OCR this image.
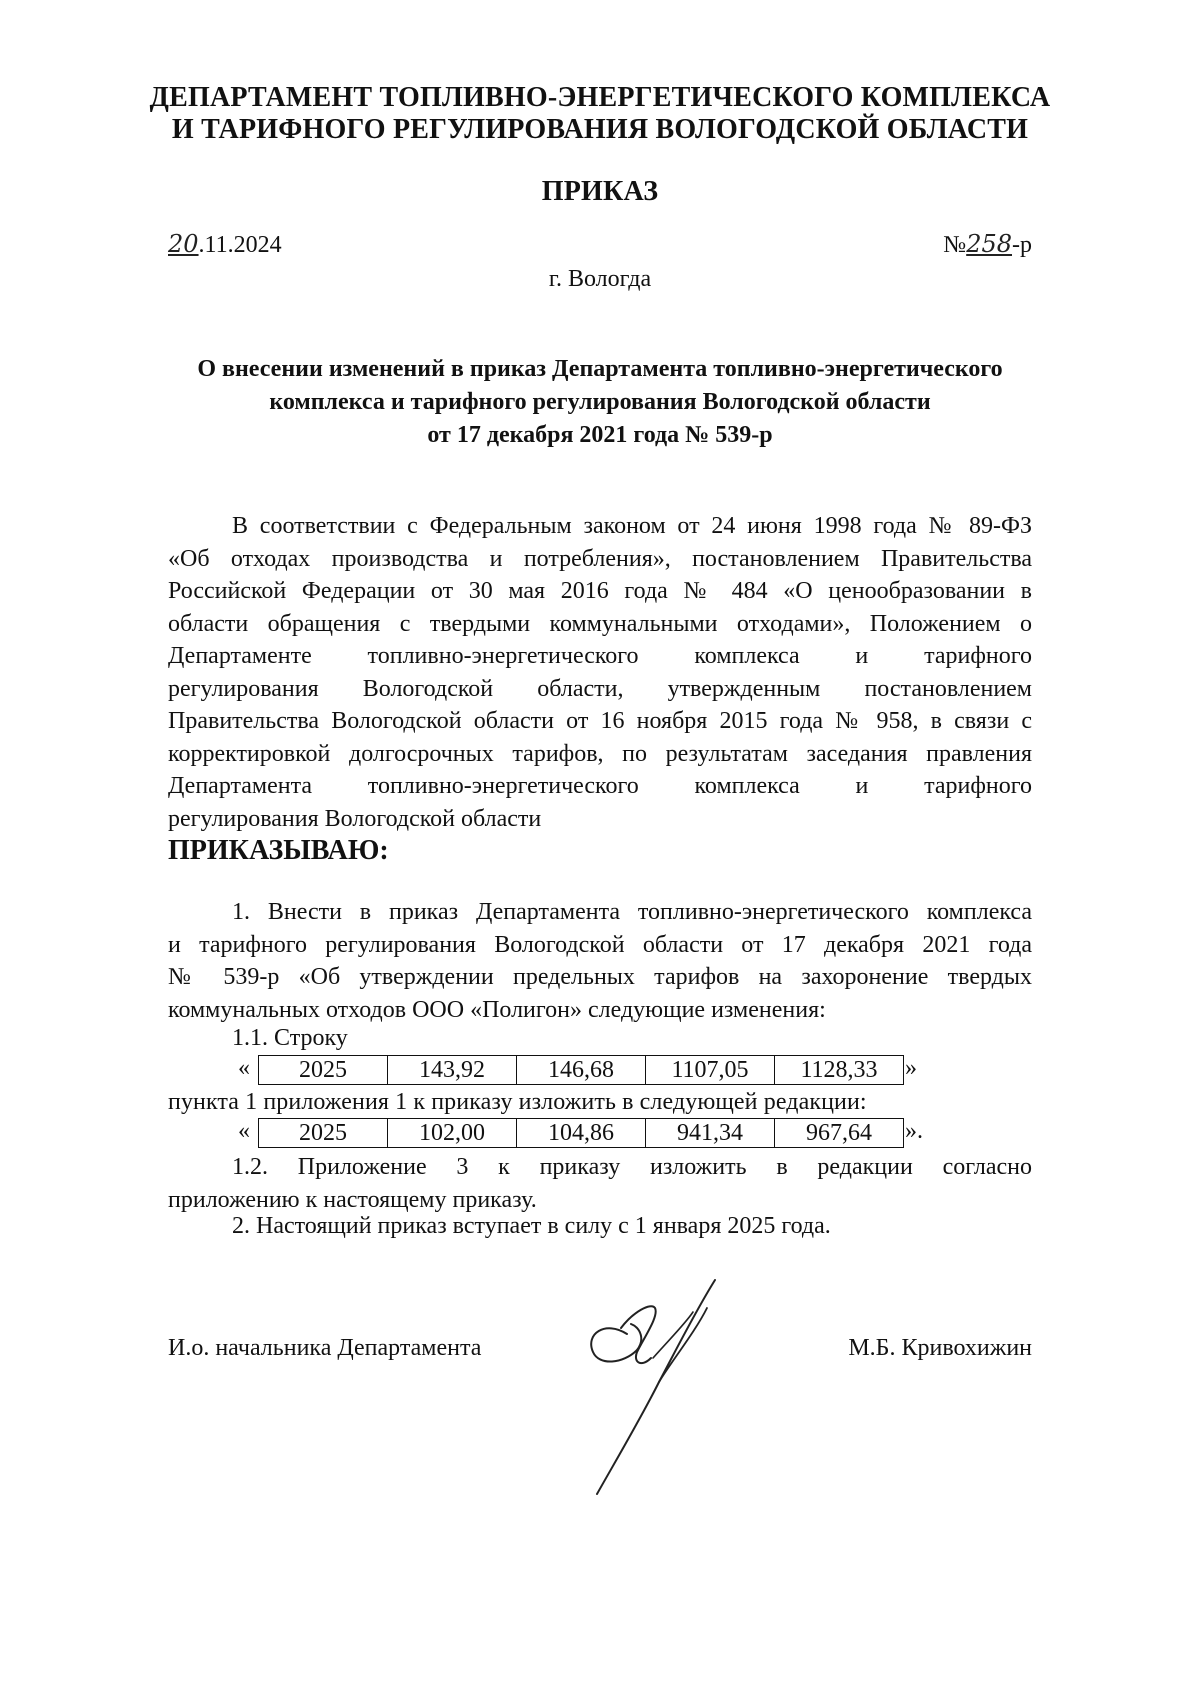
ДЕПАРТАМЕНТ ТОПЛИВНО-ЭНЕРГЕТИЧЕСКОГО КОМПЛЕКСА
И ТАРИФНОГО РЕГУЛИРОВАНИЯ ВОЛОГОДСКОЙ ОБЛАСТИ
ПРИКАЗ
20.11.2024	№258-р
г. Вологда
О внесении изменений в приказ Департамента топливно-энергетического
комплекса и тарифного регулирования Вологодской области
от 17 декабря 2021 года № 539-р
В соответствии с Федеральным законом от 24 июня 1998 года № 89-ФЗ
«Об отходах производства и потребления», постановлением Правительства
Российской Федерации от 30 мая 2016 года № 484 «О ценообразовании в
области обращения с твердыми коммунальными отходами», Положением о
Департаменте топливно-энергетического комплекса и тарифного
регулирования Вологодской области, утвержденным постановлением
Правительства Вологодской области от 16 ноября 2015 года № 958, в связи с
корректировкой долгосрочных тарифов, по результатам заседания правления
Департамента топливно-энергетического комплекса и тарифного
регулирования Вологодской области
ПРИКАЗЫВАЮ:
1. Внести в приказ Департамента топливно-энергетического комплекса
и тарифного регулирования Вологодской области от 17 декабря 2021 года
№ 539-р «Об утверждении предельных тарифов на захоронение твердых
коммунальных отходов ООО «Полигон» следующие изменения:
1.1. Строку
« 2025	143,92	146,68	1107,05	1128,33 »
пункта 1 приложения 1 к приказу изложить в следующей редакции:
« 2025	102,00	104,86	941,34	967,64 ».
1.2. Приложение 3 к приказу изложить в редакции согласно
приложению к настоящему приказу.
2. Настоящий приказ вступает в силу с 1 января 2025 года.
И.о. начальника Департамента	М.Б. Кривохижин
